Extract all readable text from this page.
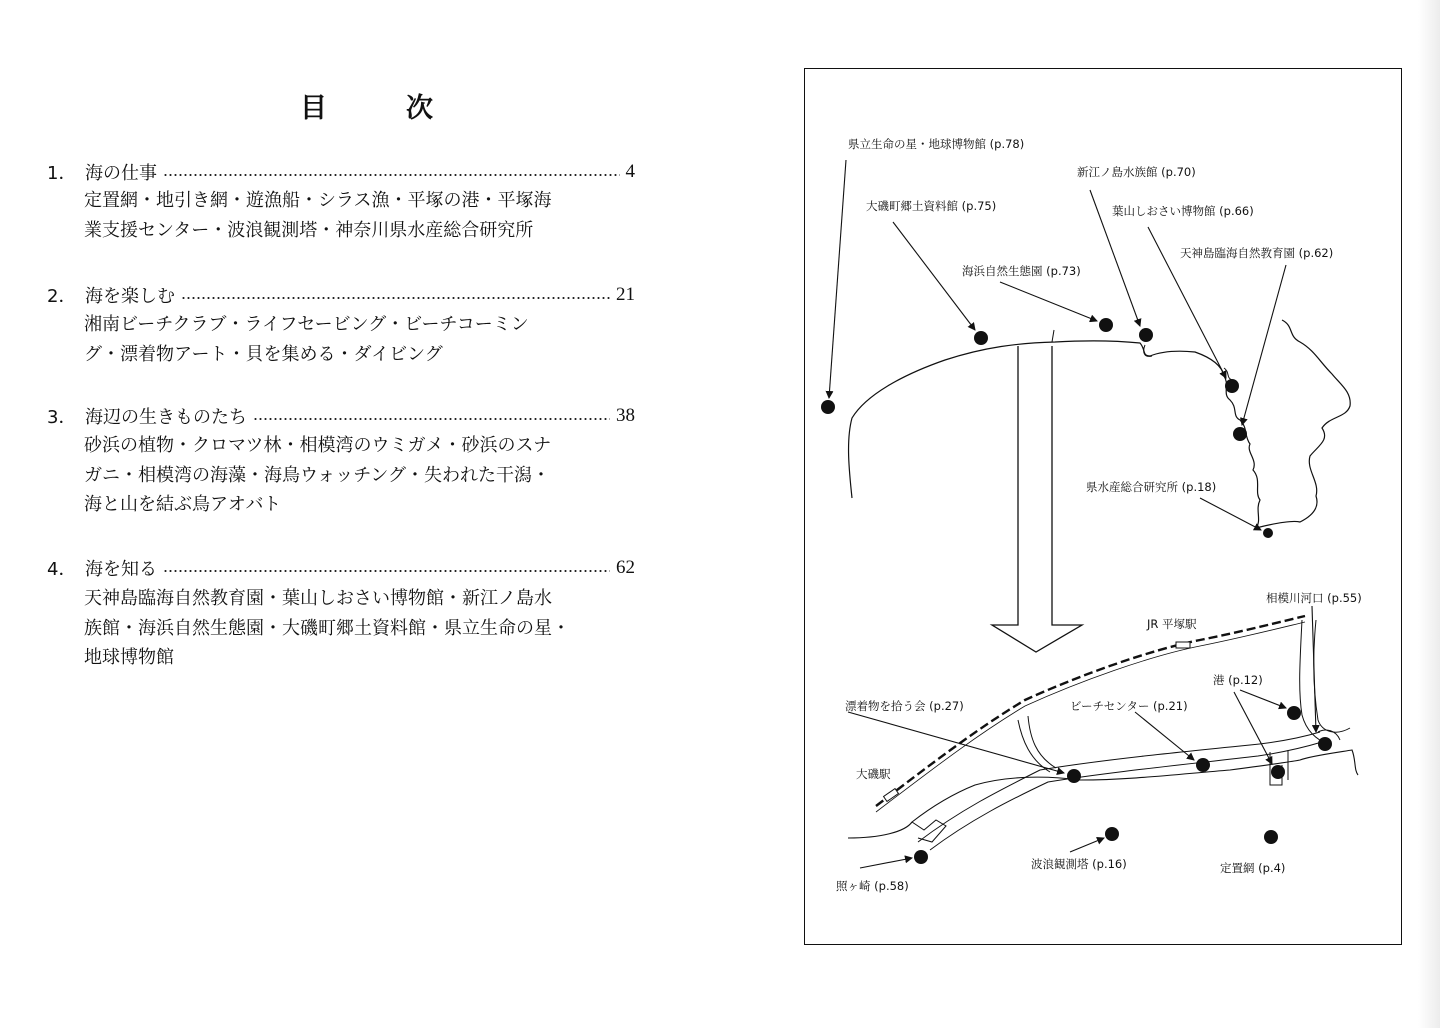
目　次
1． 海の仕事	4
定置網・地引き網・遊漁船・シラス漁・平塚の港・平塚海
業支援センター・波浪観測塔・神奈川県水産総合研究所
2． 海を楽しむ	21
湘南ビーチクラブ・ライフセービング・ビーチコーミン
グ・漂着物アート・貝を集める・ダイビング
3． 海辺の生きものたち	38
砂浜の植物・クロマツ林・相模湾のウミガメ・砂浜のスナ
ガニ・相模湾の海藻・海鳥ウォッチング・失われた干潟・
海と山を結ぶ鳥アオバト
4． 海を知る	62
天神島臨海自然教育園・葉山しおさい博物館・新江ノ島水
族館・海浜自然生態園・大磯町郷土資料館・県立生命の星・
地球博物館
県立生命の星・地球博物館 (p.78)
新江ノ島水族館 (p.70)
大磯町郷土資料館 (p.75)	葉山しおさい博物館 (p.66)
天神島臨海自然教育園 (p.62)
海浜自然生態園 (p.73)
県水産総合研究所 (p.18)
相模川河口 (p.55)
JR 平塚駅
港 (p.12)
漂着物を拾う会 (p.27)	ビーチセンター (p.21)
大磯駅
波浪観測塔 (p.16)	定置網 (p.4)
照ヶ崎 (p.58)
